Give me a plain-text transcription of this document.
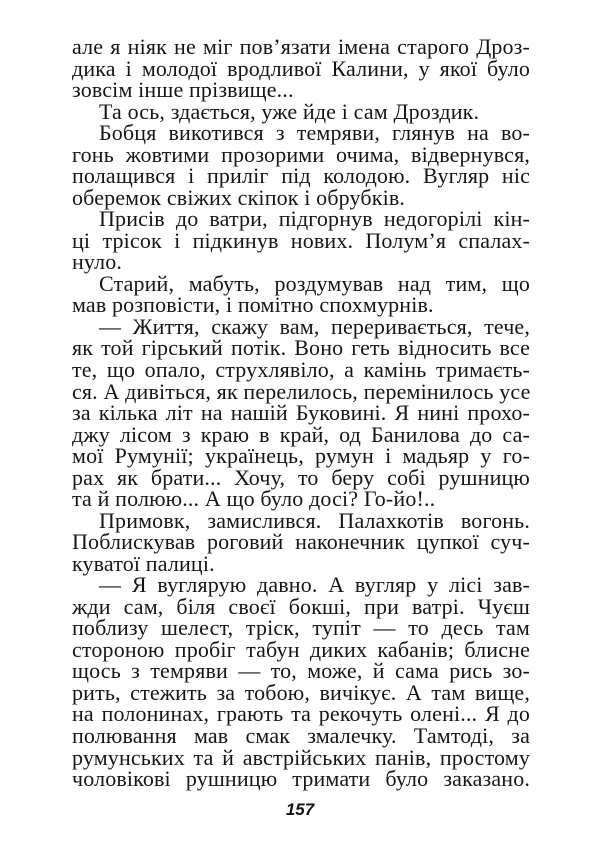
але я ніяк не міг пов’язати імена старого Дроз-
дика і молодої вродливої Калини, у якої було
зовсім інше прізвище...
Та ось, здається, уже йде і сам Дроздик.
Бобця викотився з темряви, глянув на во-
гонь жовтими прозорими очима, відвернувся,
полащився і приліг під колодою. Вугляр ніс
оберемок свіжих скіпок і обрубків.
Присів до ватри, підгорнув недогорілі кін-
ці трісок і підкинув нових. Полум’я спалах-
нуло.
Старий, мабуть, роздумував над тим, що
мав розповісти, і помітно спохмурнів.
— Життя, скажу вам, переривається, тече,
як той гірський потік. Воно геть відносить все
те, що опало, струхлявіло, а камінь тримаєть-
ся. А дивіться, як перелилось, перемінилось усе
за кілька літ на нашій Буковині. Я нині прохо-
джу лісом з краю в край, од Банилова до са-
мої Румунії; українець, румун і мадьяр у го-
рах як брати... Хочу, то беру собі рушницю
та й полюю... А що було досі? Го-йо!..
Примовк, замислився. Палахкотів вогонь.
Поблискував роговий наконечник цупкої суч-
куватої палиці.
— Я вуглярую давно. А вугляр у лісі зав-
жди сам, біля своєї бокші, при ватрі. Чуєш
поблизу шелест, тріск, тупіт — то десь там
стороною пробіг табун диких кабанів; блисне
щось з темряви — то, може, й сама рись зо-
рить, стежить за тобою, вичікує. А там вище,
на полонинах, грають та рекочуть олені... Я до
полювання мав смак змалечку. Тамтоді, за
румунських та й австрійських панів, простому
чоловікові рушницю тримати було заказано.
157
